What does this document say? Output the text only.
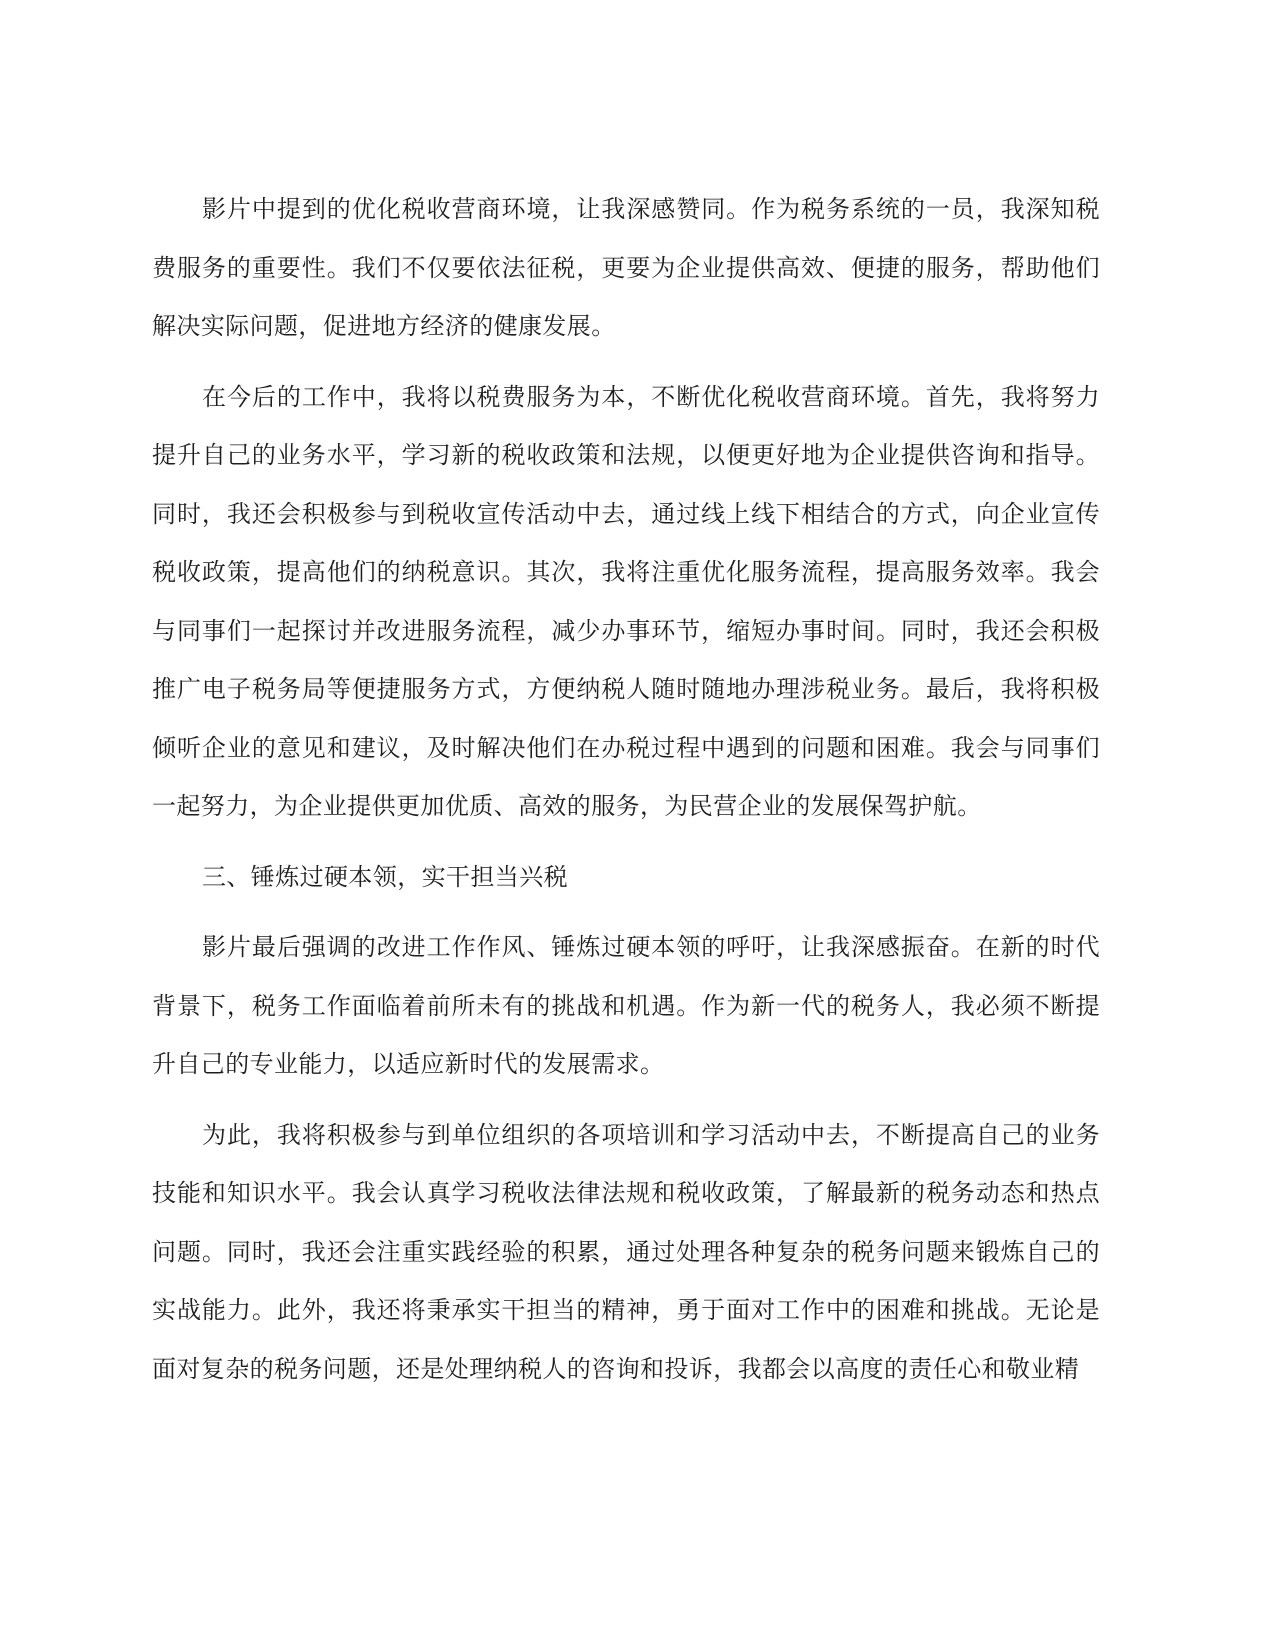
影片中提到的优化税收营商环境，让我深感赞同。作为税务系统的一员，我深知税费服务的重要性。我们不仅要依法征税，更要为企业提供高效、便捷的服务，帮助他们解决实际问题，促进地方经济的健康发展。

在今后的工作中，我将以税费服务为本，不断优化税收营商环境。首先，我将努力提升自己的业务水平，学习新的税收政策和法规，以便更好地为企业提供咨询和指导。同时，我还会积极参与到税收宣传活动中去，通过线上线下相结合的方式，向企业宣传税收政策，提高他们的纳税意识。其次，我将注重优化服务流程，提高服务效率。我会与同事们一起探讨并改进服务流程，减少办事环节，缩短办事时间。同时，我还会积极推广电子税务局等便捷服务方式，方便纳税人随时随地办理涉税业务。最后，我将积极倾听企业的意见和建议，及时解决他们在办税过程中遇到的问题和困难。我会与同事们一起努力，为企业提供更加优质、高效的服务，为民营企业的发展保驾护航。

三、锤炼过硬本领，实干担当兴税

影片最后强调的改进工作作风、锤炼过硬本领的呼吁，让我深感振奋。在新的时代背景下，税务工作面临着前所未有的挑战和机遇。作为新一代的税务人，我必须不断提升自己的专业能力，以适应新时代的发展需求。

为此，我将积极参与到单位组织的各项培训和学习活动中去，不断提高自己的业务技能和知识水平。我会认真学习税收法律法规和税收政策，了解最新的税务动态和热点问题。同时，我还会注重实践经验的积累，通过处理各种复杂的税务问题来锻炼自己的实战能力。此外，我还将秉承实干担当的精神，勇于面对工作中的困难和挑战。无论是面对复杂的税务问题，还是处理纳税人的咨询和投诉，我都会以高度的责任心和敬业精
